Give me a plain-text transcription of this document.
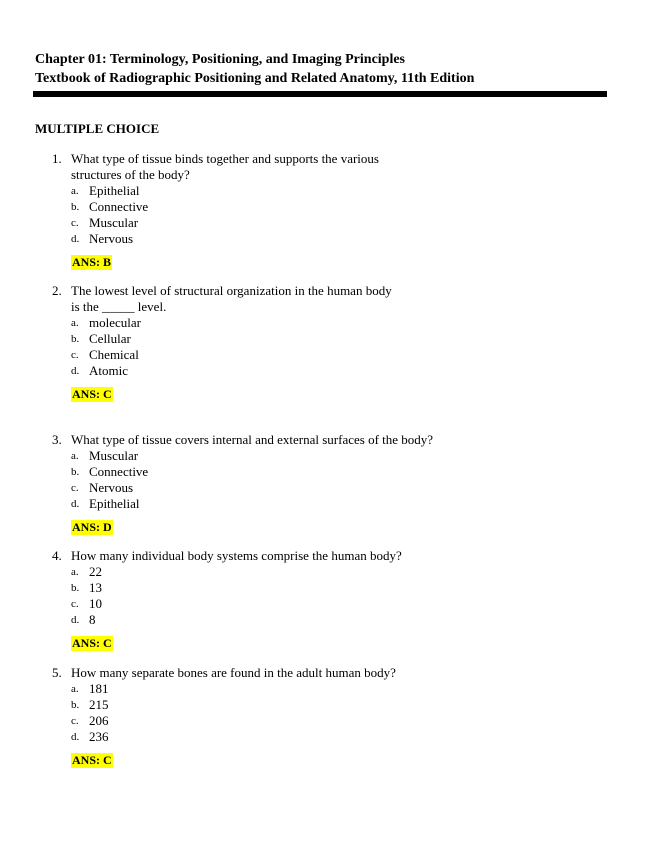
Chapter 01: Terminology, Positioning, and Imaging Principles
Textbook of Radiographic Positioning and Related Anatomy, 11th Edition
MULTIPLE CHOICE
1. What type of tissue binds together and supports the various
structures of the body?
a. Epithelial
b. Connective
c. Muscular
d. Nervous
ANS: B
2. The lowest level of structural organization in the human body
is the _____ level.
a. molecular
b. Cellular
c. Chemical
d. Atomic
ANS: C
3. What type of tissue covers internal and external surfaces of the body?
a. Muscular
b. Connective
c. Nervous
d. Epithelial
ANS: D
4. How many individual body systems comprise the human body?
a. 22
b. 13
c. 10
d. 8
ANS: C
5. How many separate bones are found in the adult human body?
a. 181
b. 215
c. 206
d. 236
ANS: C
